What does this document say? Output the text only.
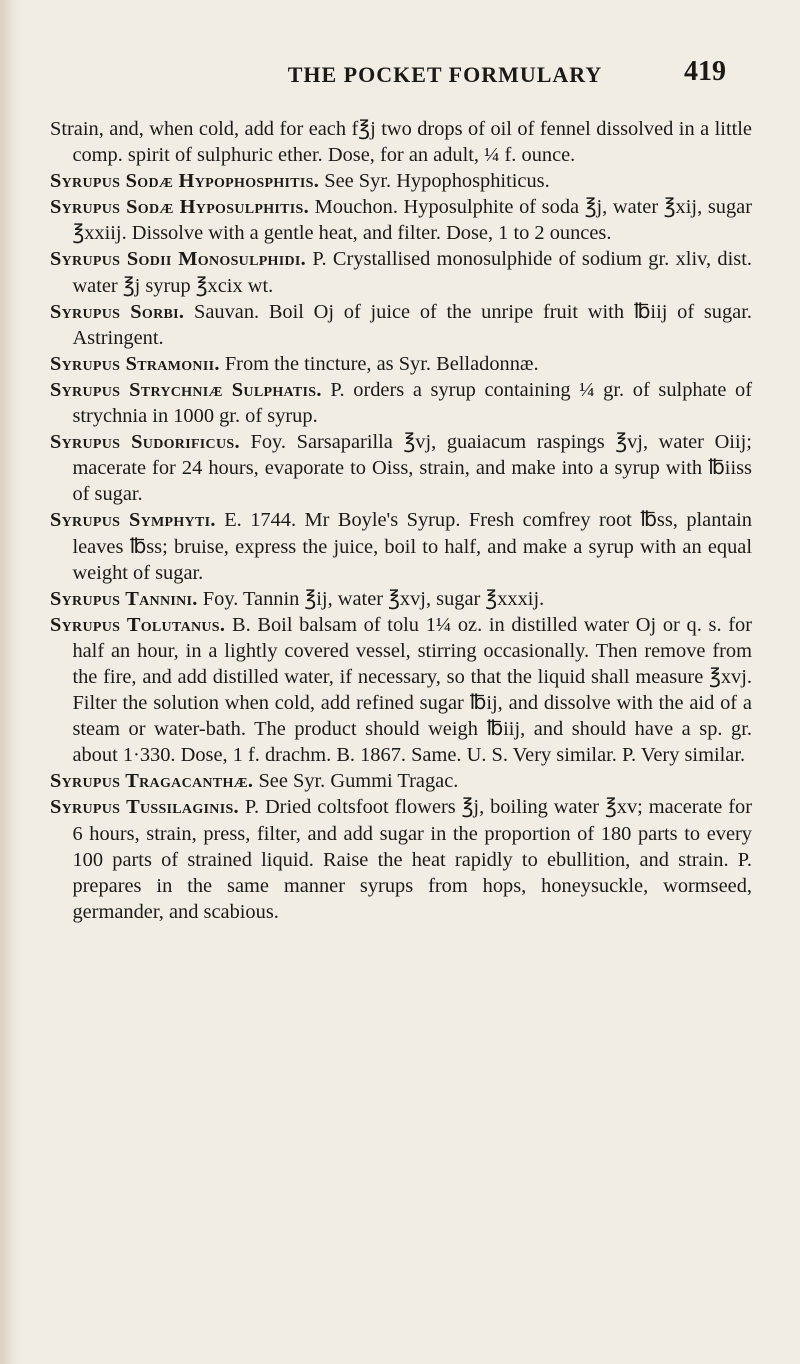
THE POCKET FORMULARY	419

Strain, and, when cold, add for each f℥j two drops of oil of fennel dissolved in a little comp. spirit of sulphuric ether. Dose, for an adult, ¼ f. ounce.

Syrupus Sodæ Hypophosphitis. See Syr. Hypophosphiticus.

Syrupus Sodæ Hyposulphitis. Mouchon. Hyposulphite of soda ℥j, water ℥xij, sugar ℥xxiij. Dissolve with a gentle heat, and filter. Dose, 1 to 2 ounces.

Syrupus Sodii Monosulphidi. P. Crystallised monosulphide of sodium gr. xliv, dist. water ℥j syrup ℥xcix wt.

Syrupus Sorbi. Sauvan. Boil Oj of juice of the unripe fruit with ℔iij of sugar. Astringent.

Syrupus Stramonii. From the tincture, as Syr. Belladonnæ.

Syrupus Strychniæ Sulphatis. P. orders a syrup containing ¼ gr. of sulphate of strychnia in 1000 gr. of syrup.

Syrupus Sudorificus. Foy. Sarsaparilla ℥vj, guaiacum raspings ℥vj, water Oiij; macerate for 24 hours, evaporate to Oiss, strain, and make into a syrup with ℔iiss of sugar.

Syrupus Symphyti. E. 1744. Mr Boyle's Syrup. Fresh comfrey root ℔ss, plantain leaves ℔ss; bruise, express the juice, boil to half, and make a syrup with an equal weight of sugar.

Syrupus Tannini. Foy. Tannin ℥ij, water ℥xvj, sugar ℥xxxij.

Syrupus Tolutanus. B. Boil balsam of tolu 1¼ oz. in distilled water Oj or q. s. for half an hour, in a lightly covered vessel, stirring occasionally. Then remove from the fire, and add distilled water, if necessary, so that the liquid shall measure ℥xvj. Filter the solution when cold, add refined sugar ℔ij, and dissolve with the aid of a steam or water-bath. The product should weigh ℔iij, and should have a sp. gr. about 1·330. Dose, 1 f. drachm. B. 1867. Same. U. S. Very similar. P. Very similar.

Syrupus Tragacanthæ. See Syr. Gummi Tragac.

Syrupus Tussilaginis. P. Dried coltsfoot flowers ℥j, boiling water ℥xv; macerate for 6 hours, strain, press, filter, and add sugar in the proportion of 180 parts to every 100 parts of strained liquid. Raise the heat rapidly to ebullition, and strain. P. prepares in the same manner syrups from hops, honeysuckle, wormseed, germander, and scabious.
